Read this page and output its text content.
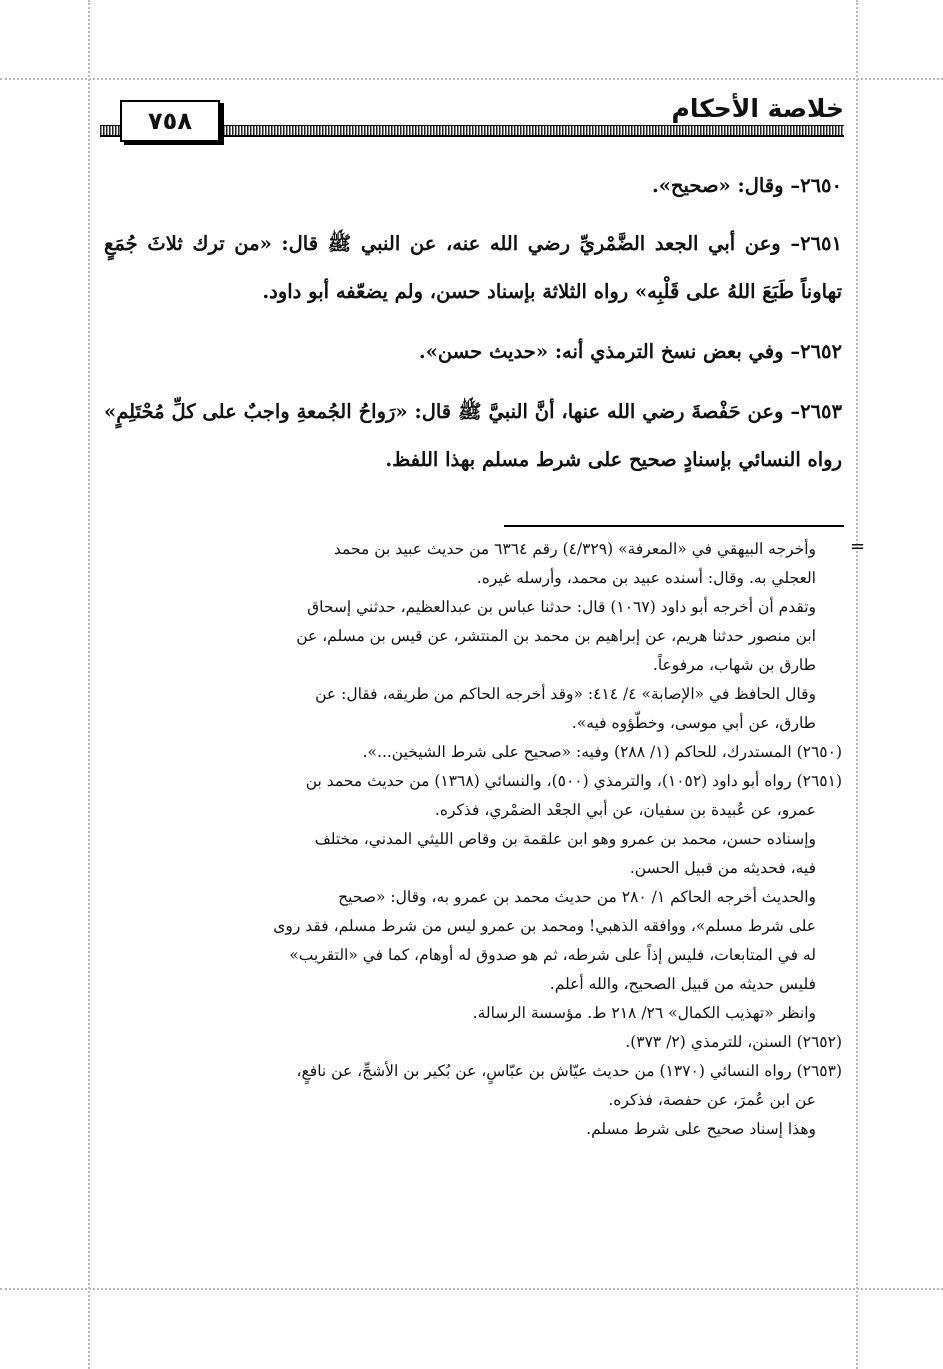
خلاصة الأحكام
٧٥٨

٢٦٥٠– وقال: «صحيح».

٢٦٥١– وعن أبي الجعد الضَّمْريِّ رضي الله عنه، عن النبي ﷺ قال: «من ترك ثلاثَ جُمَعٍ تهاوناً طَبَعَ اللهُ على قَلْبِه» رواه الثلاثة بإسناد حسن، ولم يضعّفه أبو داود.

٢٦٥٢– وفي بعض نسخ الترمذي أنه: «حديث حسن».

٢٦٥٣– وعن حَفْصةَ رضي الله عنها، أنَّ النبيَّ ﷺ قال: «رَواحُ الجُمعةِ واجبٌ على كلِّ مُحْتَلِمٍ» رواه النسائي بإسنادٍ صحيح على شرط مسلم بهذا اللفظ.

=

وأخرجه البيهقي في «المعرفة» (٤/٣٢٩) رقم ٦٣٦٤ من حديث عبيد بن محمد

العجلي به. وقال: أسنده عبيد بن محمد، وأرسله غيره.

وتقدم أن أخرجه أبو داود (١٠٦٧) قال: حدثنا عباس بن عبدالعظيم، حدثني إسحاق

ابن منصور حدثنا هريم، عن إبراهيم بن محمد بن المنتشر، عن قيس بن مسلم، عن

طارق بن شهاب، مرفوعاً.

وقال الحافظ في «الإصابة» ٤/ ٤١٤: «وقد أخرجه الحاكم من طريقه، فقال: عن

طارق، عن أبي موسى، وخطّؤوه فيه».

(٢٦٥٠) المستدرك، للحاكم (١/ ٢٨٨) وفيه: «صحيح على شرط الشيخين...».

(٢٦٥١) رواه أبو داود (١٠٥٢)، والترمذي (٥٠٠)، والنسائي (١٣٦٨) من حديث محمد بن

عمرو، عن عُبيدة بن سفيان، عن أبي الجعْد الضمْري، فذكره.

وإسناده حسن، محمد بن عمرو وهو ابن علقمة بن وقاص الليثي المدني، مختلف

فيه، فحديثه من قبيل الحسن.

والحديث أخرجه الحاكم ١/ ٢٨٠ من حديث محمد بن عمرو به، وقال: «صحيح

على شرط مسلم»، ووافقه الذهبي! ومحمد بن عمرو ليس من شرط مسلم، فقد روى

له في المتابعات، فليس إذاً على شرطه، ثم هو صدوق له أوهام، كما في «التقريب»

فليس حديثه من قبيل الصحيح، والله أعلم.

وانظر «تهذيب الكمال» ٢٦/ ٢١٨ ط. مؤسسة الرسالة.

(٢٦٥٢) السنن، للترمذي (٢/ ٣٧٣).

(٢٦٥٣) رواه النسائي (١٣٧٠) من حديث عيّاش بن عبّاسٍ، عن بُكير بن الأشجِّ، عن نافعٍ،

عن ابن عُمرَ، عن حفصة، فذكره.

وهذا إسناد صحيح على شرط مسلم.
